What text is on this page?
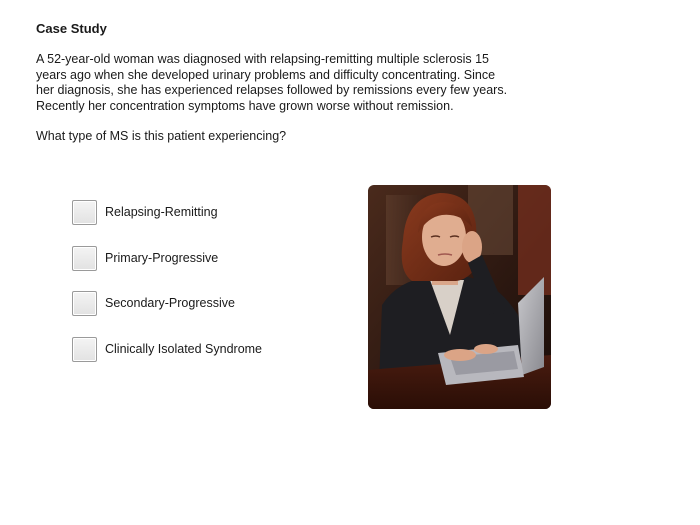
Case Study
A 52-year-old woman was diagnosed with relapsing-remitting multiple sclerosis 15
years ago when she developed urinary problems and difficulty concentrating. Since
her diagnosis, she has experienced relapses followed by remissions every few years.
Recently her concentration symptoms have grown worse without remission.
What type of MS is this patient experiencing?
Relapsing-Remitting
Primary-Progressive
Secondary-Progressive
Clinically Isolated Syndrome
